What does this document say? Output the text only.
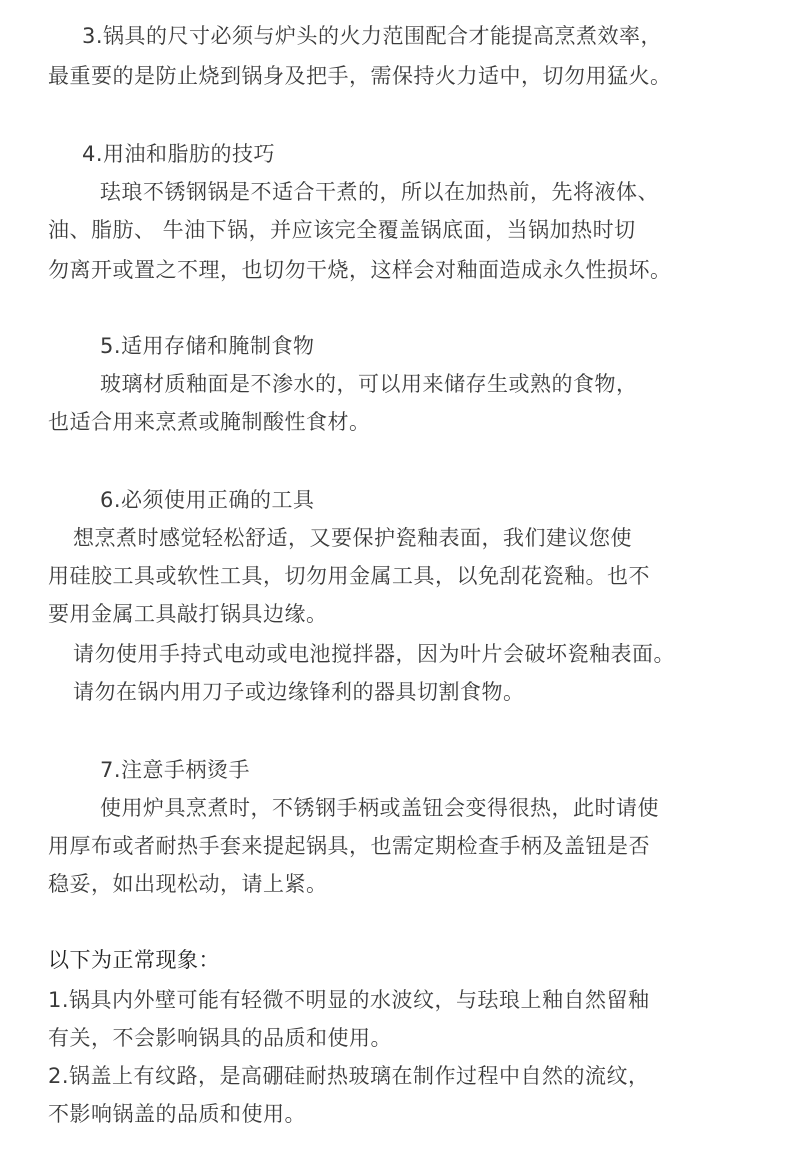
3.锅具的尺寸必须与炉头的火力范围配合才能提高烹煮效率，
最重要的是防止烧到锅身及把手，需保持火力适中，切勿用猛火。
4.用油和脂肪的技巧
珐琅不锈钢锅是不适合干煮的，所以在加热前，先将液体、
油、脂肪、 牛油下锅，并应该完全覆盖锅底面，当锅加热时切
勿离开或置之不理，也切勿干烧，这样会对釉面造成永久性损坏。
5.适用存储和腌制食物
玻璃材质釉面是不渗水的，可以用来储存生或熟的食物，
也适合用来烹煮或腌制酸性食材。
6.必须使用正确的工具
想烹煮时感觉轻松舒适，又要保护瓷釉表面，我们建议您使
用硅胶工具或软性工具，切勿用金属工具，以免刮花瓷釉。也不
要用金属工具敲打锅具边缘。
请勿使用手持式电动或电池搅拌器，因为叶片会破坏瓷釉表面。
请勿在锅内用刀子或边缘锋利的器具切割食物。
7.注意手柄烫手
使用炉具烹煮时，不锈钢手柄或盖钮会变得很热，此时请使
用厚布或者耐热手套来提起锅具，也需定期检查手柄及盖钮是否
稳妥，如出现松动，请上紧。
以下为正常现象：
1.锅具内外壁可能有轻微不明显的水波纹，与珐琅上釉自然留釉
有关，不会影响锅具的品质和使用。
2.锅盖上有纹路，是高硼硅耐热玻璃在制作过程中自然的流纹，
不影响锅盖的品质和使用。
